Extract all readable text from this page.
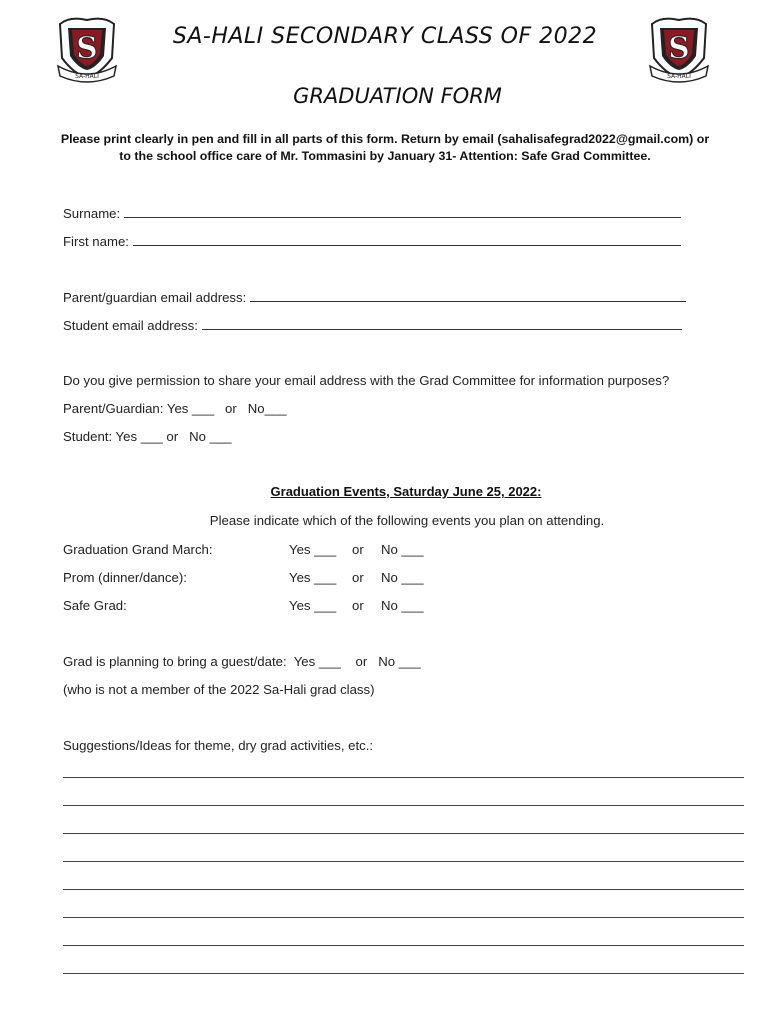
S
SA-HALI
S
SA-HALI
SA-HALI SECONDARY CLASS OF 2022
GRADUATION FORM
Please print clearly in pen and fill in all parts of this form. Return by email (sahalisafegrad2022@gmail.com) or
to the school office care of Mr. Tommasini by January 31- Attention: Safe Grad Committee.
Surname:
First name:
Parent/guardian email address:
Student email address:
Do you give permission to share your email address with the Grad Committee for information purposes?
Parent/Guardian: Yes ___   or   No___
Student: Yes ___ or   No ___
Graduation Events, Saturday June 25, 2022:
Please indicate which of the following events you plan on attending.
Graduation Grand March:	Yes ___ or No ___
Prom (dinner/dance):	Yes ___ or No ___
Safe Grad:	Yes ___ or No ___
Grad is planning to bring a guest/date:  Yes ___    or   No ___
(who is not a member of the 2022 Sa-Hali grad class)
Suggestions/Ideas for theme, dry grad activities, etc.:
